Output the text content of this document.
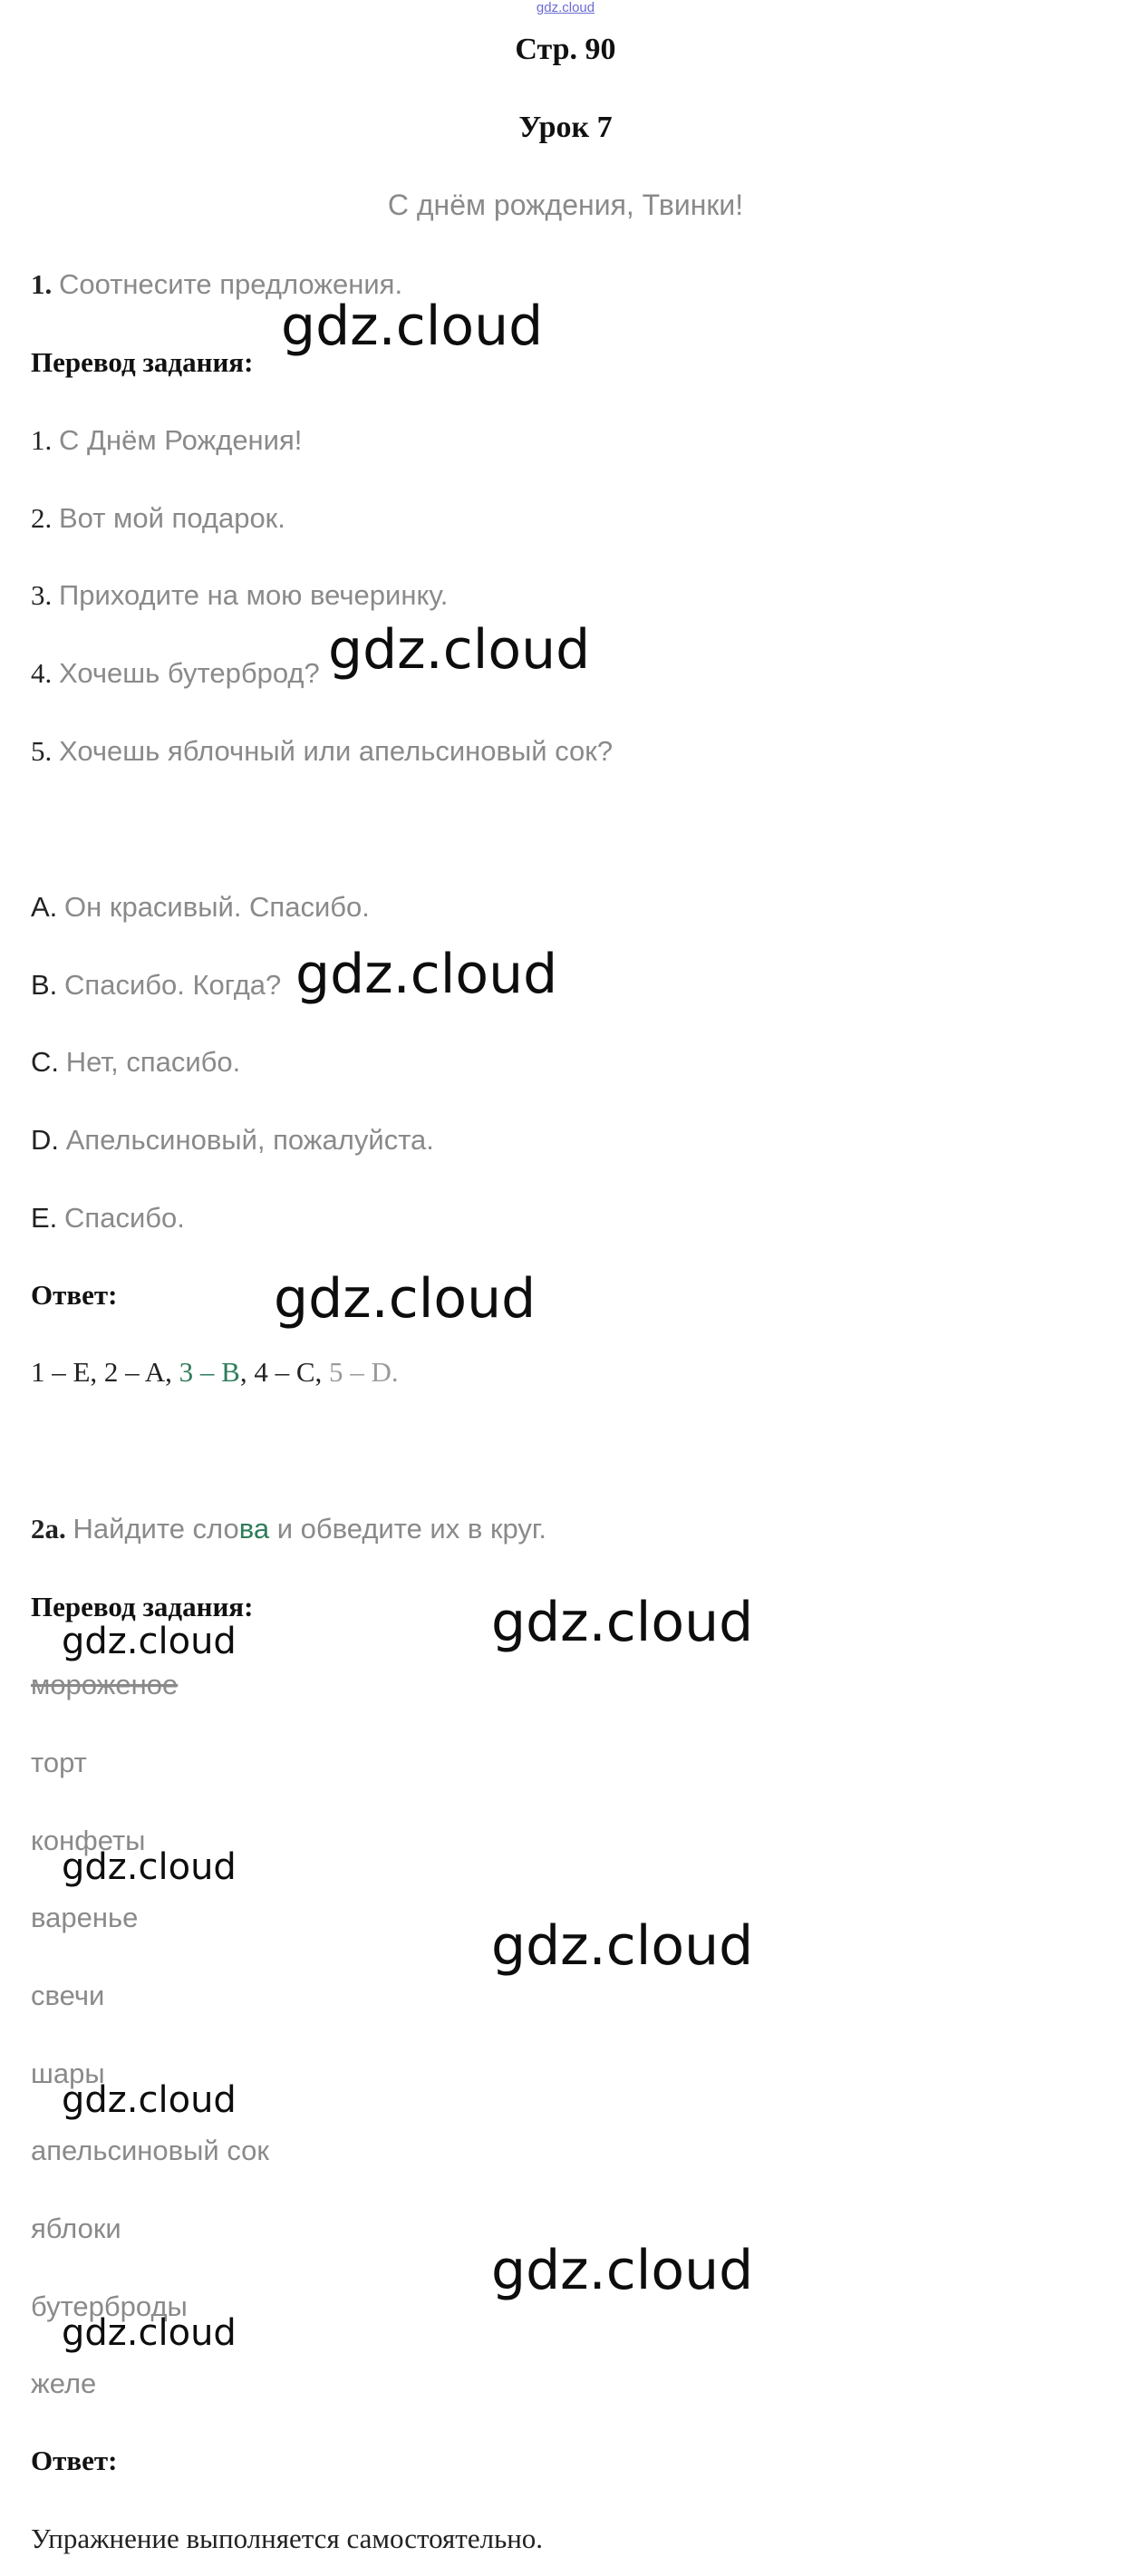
gdz.cloud
Стр. 90
Урок 7
С днём рождения, Твинки!
1. Соотнесите предложения.
Перевод задания:
1. С Днём Рождения!
2. Вот мой подарок.
3. Приходите на мою вечеринку.
4. Хочешь бутерброд?
5. Хочешь яблочный или апельсиновый сок?
A. Он красивый. Спасибо.
B. Спасибо. Когда?
C. Нет, спасибо.
D. Апельсиновый, пожалуйста.
E. Спасибо.
Ответ:
1 – E, 2 – A, 3 – B, 4 – C, 5 – D.
2a. Найдите слова и обведите их в круг.
Перевод задания:
мороженое
торт
конфеты
варенье
свечи
шары
апельсиновый сок
яблоки
бутерброды
желе
Ответ:
Упражнение выполняется самостоятельно.
gdz.cloud
gdz.cloud
gdz.cloud
gdz.cloud
gdz.cloud
gdz.cloud
gdz.cloud
gdz.cloud
gdz.cloud
gdz.cloud
gdz.cloud
